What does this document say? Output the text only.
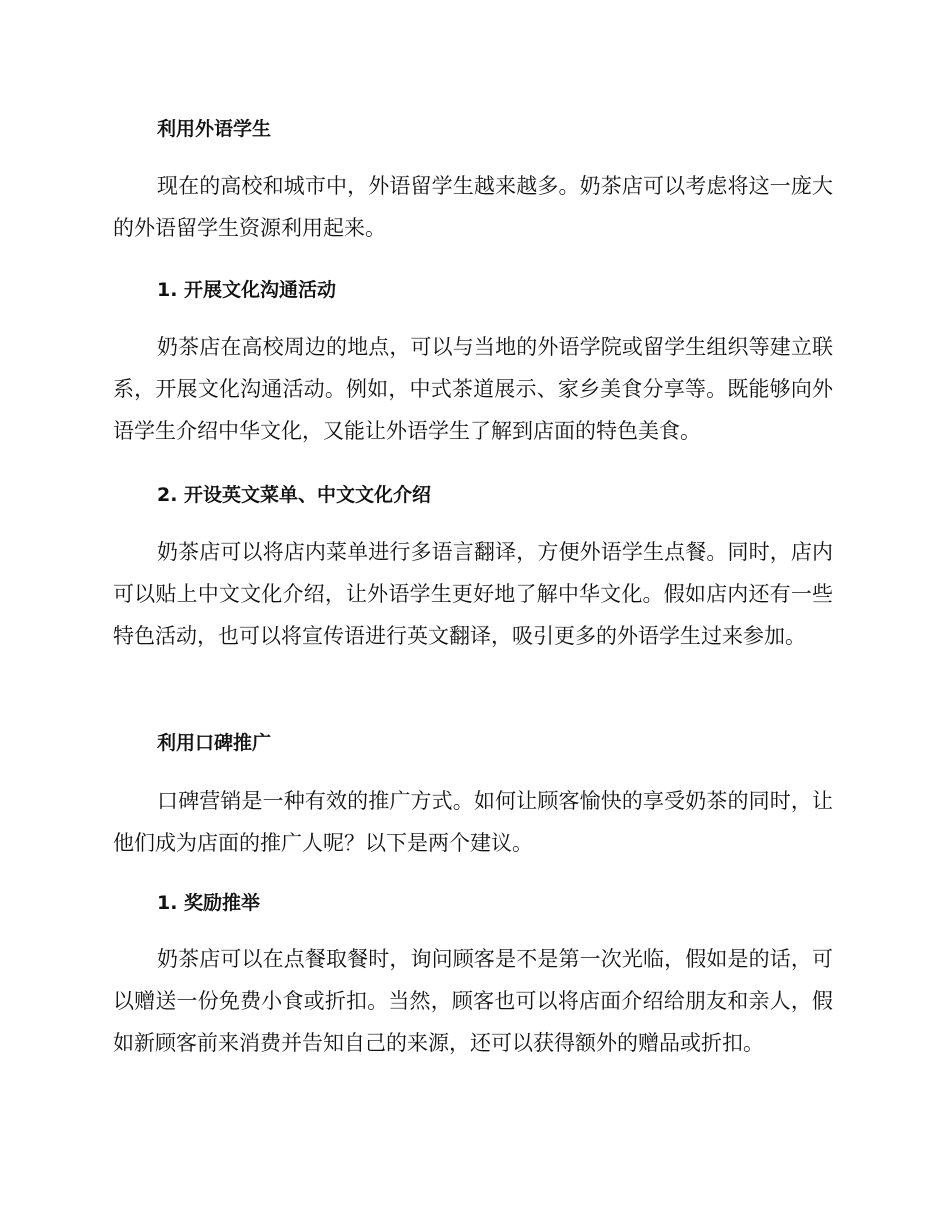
利用外语学生

现在的高校和城市中，外语留学生越来越多。奶茶店可以考虑将这一庞大的外语留学生资源利用起来。

1. 开展文化沟通活动

奶茶店在高校周边的地点，可以与当地的外语学院或留学生组织等建立联系，开展文化沟通活动。例如，中式茶道展示、家乡美食分享等。既能够向外语学生介绍中华文化，又能让外语学生了解到店面的特色美食。

2. 开设英文菜单、中文文化介绍

奶茶店可以将店内菜单进行多语言翻译，方便外语学生点餐。同时，店内可以贴上中文文化介绍，让外语学生更好地了解中华文化。假如店内还有一些特色活动，也可以将宣传语进行英文翻译，吸引更多的外语学生过来参加。

利用口碑推广

口碑营销是一种有效的推广方式。如何让顾客愉快的享受奶茶的同时，让他们成为店面的推广人呢？以下是两个建议。

1. 奖励推举

奶茶店可以在点餐取餐时，询问顾客是不是第一次光临，假如是的话，可以赠送一份免费小食或折扣。当然，顾客也可以将店面介绍给朋友和亲人，假如新顾客前来消费并告知自己的来源，还可以获得额外的赠品或折扣。
